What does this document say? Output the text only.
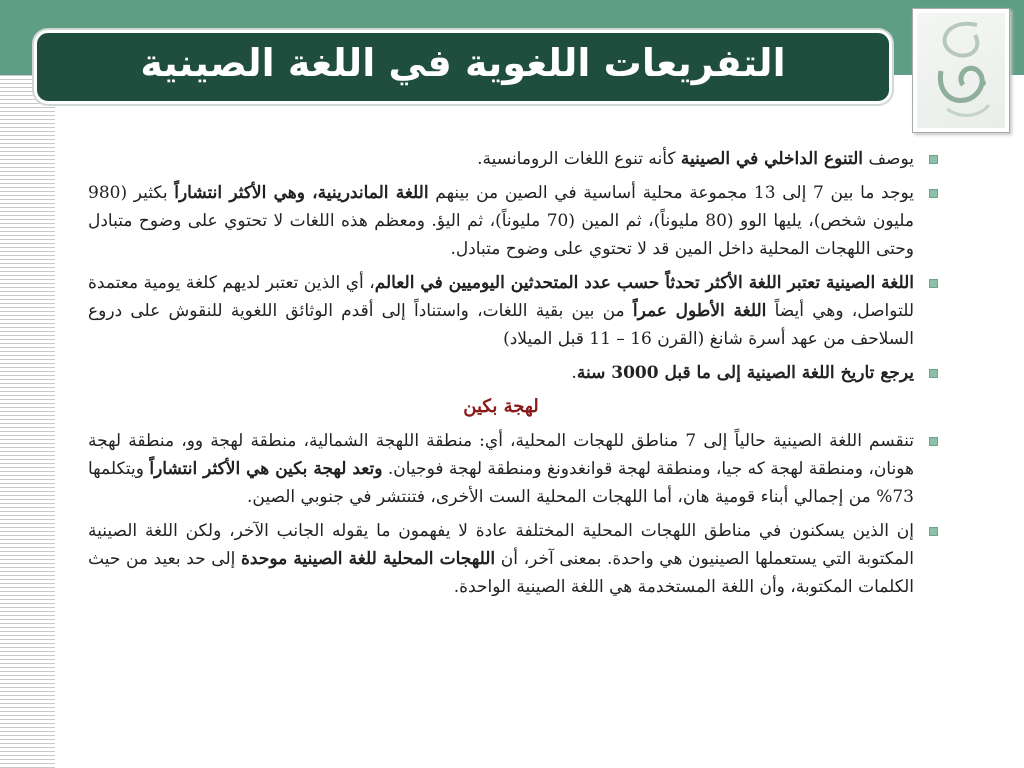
التفريعات اللغوية في اللغة الصينية

يوصف التنوع الداخلي في الصينية كأنه تنوع اللغات الرومانسية.

يوجد ما بين 7 إلى 13 مجموعة محلية أساسية في الصين من بينهم اللغة الماندرينية، وهي الأكثر انتشاراً بكثير (980 مليون شخص)، يليها الوو (80 مليوناً)، ثم المين (70 مليوناً)، ثم اليؤ. ومعظم هذه اللغات لا تحتوي على وضوح متبادل وحتى اللهجات المحلية داخل المين قد لا تحتوي على وضوح متبادل.

اللغة الصينية تعتبر اللغة الأكثر تحدثاً حسب عدد المتحدثين اليوميين في العالم، أي الذين تعتبر لديهم كلغة يومية معتمدة للتواصل، وهي أيضاً اللغة الأطول عمراً من بين بقية اللغات، واستناداً إلى أقدم الوثائق اللغوية للنقوش على دروع السلاحف من عهد أسرة شانغ (القرن 16 – 11 قبل الميلاد)

يرجع تاريخ اللغة الصينية إلى ما قبل 3000 سنة.

لهجة بكين

تنقسم اللغة الصينية حالياً إلى 7 مناطق للهجات المحلية، أي: منطقة اللهجة الشمالية، منطقة لهجة وو، منطقة لهجة هونان، ومنطقة لهجة كه جيا، ومنطقة لهجة قوانغدونغ ومنطقة لهجة فوجيان. وتعد لهجة بكين هي الأكثر انتشاراً ويتكلمها 73% من إجمالي أبناء قومية هان، أما اللهجات المحلية الست الأخرى، فتنتشر في جنوبي الصين.

إن الذين يسكنون في مناطق اللهجات المحلية المختلفة عادة لا يفهمون ما يقوله الجانب الآخر، ولكن اللغة الصينية المكتوبة التي يستعملها الصينيون هي واحدة. بمعنى آخر، أن اللهجات المحلية للغة الصينية موحدة إلى حد بعيد من حيث الكلمات المكتوبة، وأن اللغة المستخدمة هي اللغة الصينية الواحدة.
